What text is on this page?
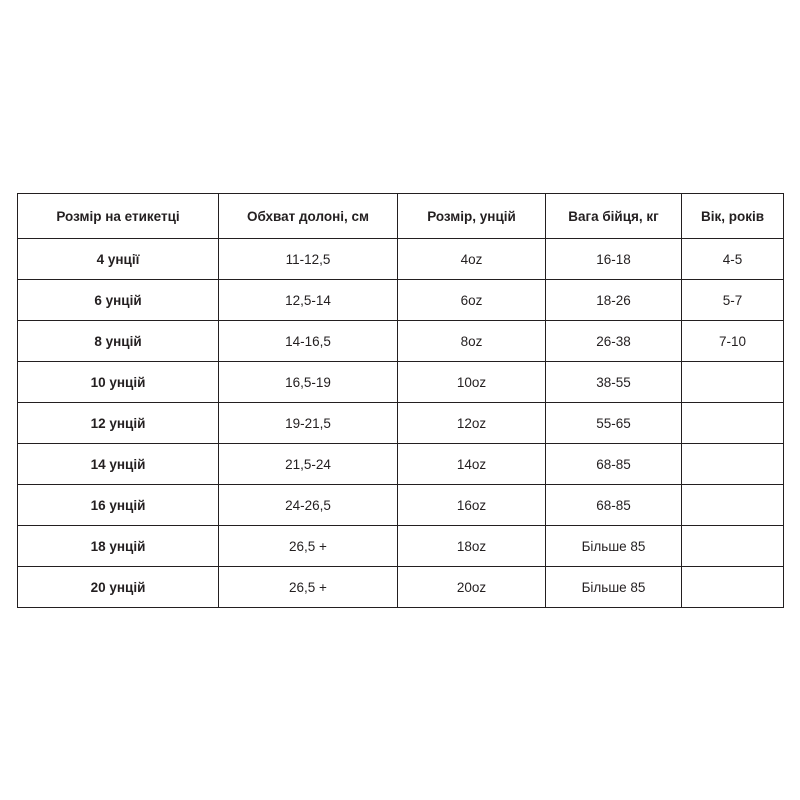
Розмір на етикетці	Обхват долоні, см	Розмір, унцій	Вага бійця, кг	Вік, років
4 унції	11-12,5	4oz	16-18	4-5
6 унцій	12,5-14	6oz	18-26	5-7
8 унцій	14-16,5	8oz	26-38	7-10
10 унцій	16,5-19	10oz	38-55	
12 унцій	19-21,5	12oz	55-65	
14 унцій	21,5-24	14oz	68-85	
16 унцій	24-26,5	16oz	68-85	
18 унцій	26,5 +	18oz	Більше 85	
20 унцій	26,5 +	20oz	Більше 85	
